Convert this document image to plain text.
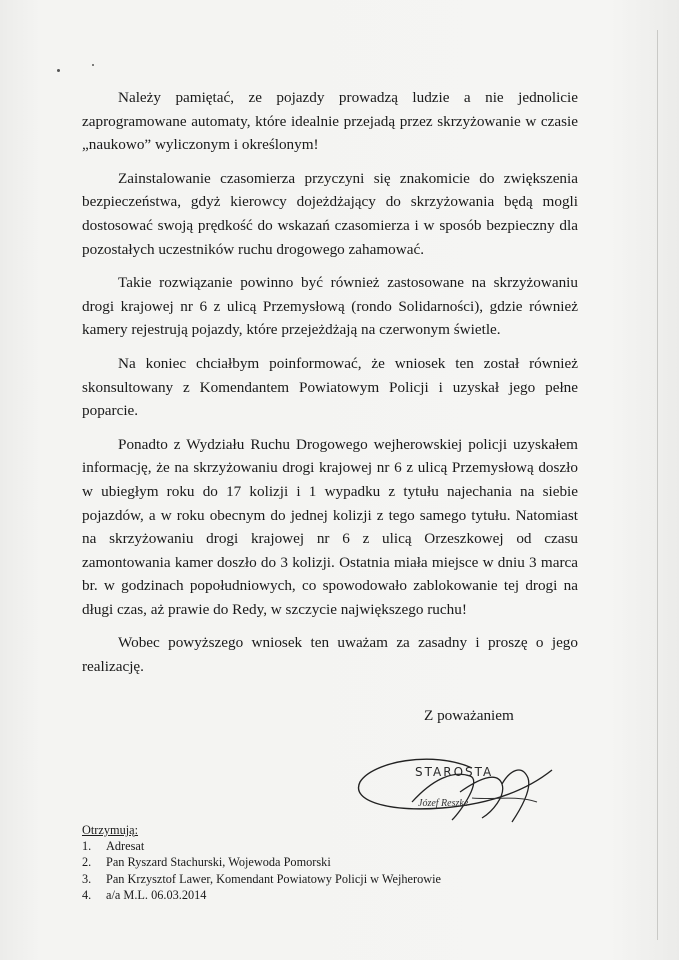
Należy pamiętać, ze pojazdy prowadzą ludzie a nie jednolicie zaprogramowane automaty, które idealnie przejadą przez skrzyżowanie w czasie „naukowo” wyliczonym i określonym!

Zainstalowanie czasomierza przyczyni się znakomicie do zwiększenia bezpieczeństwa, gdyż kierowcy dojeżdżający do skrzyżowania będą mogli dostosować swoją prędkość do wskazań czasomierza i w sposób bezpieczny dla pozostałych uczestników ruchu drogowego zahamować.

Takie rozwiązanie powinno być również zastosowane na skrzyżowaniu drogi krajowej nr 6 z ulicą Przemysłową (rondo Solidarności), gdzie również kamery rejestrują pojazdy, które przejeżdżają na czerwonym świetle.

Na koniec chciałbym poinformować, że wniosek ten został również skonsultowany z Komendantem Powiatowym Policji i uzyskał jego pełne poparcie.

Ponadto z Wydziału Ruchu Drogowego wejherowskiej policji uzyskałem informację, że na skrzyżowaniu drogi krajowej nr 6 z ulicą Przemysłową doszło w ubiegłym roku do 17 kolizji i 1 wypadku z tytułu najechania na siebie pojazdów, a w roku obecnym do jednej kolizji z tego samego tytułu. Natomiast na skrzyżowaniu drogi krajowej nr 6 z ulicą Orzeszkowej od czasu zamontowania kamer doszło do 3 kolizji. Ostatnia miała miejsce w dniu 3 marca br. w godzinach popołudniowych, co spowodowało zablokowanie tej drogi na długi czas, aż prawie do Redy, w szczycie największego ruchu!

Wobec powyższego wniosek ten uważam za zasadny i proszę o jego realizację.

Z poważaniem
STAROSTA
Józef Reszke
Otrzymują:
1.	Adresat
2.	Pan Ryszard Stachurski, Wojewoda Pomorski
3.	Pan Krzysztof Lawer, Komendant Powiatowy Policji w Wejherowie
4.	a/a M.L. 06.03.2014
